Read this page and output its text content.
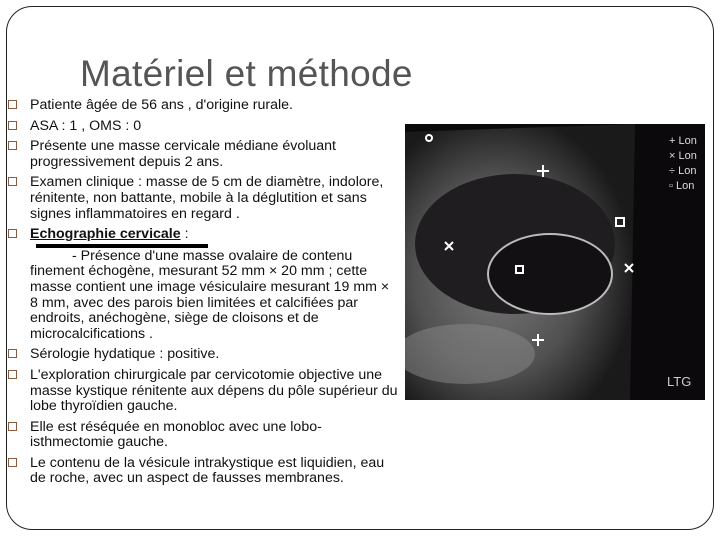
Matériel et méthode
Patiente âgée de 56 ans , d'origine rurale.
ASA : 1 , OMS : 0
Présente une masse cervicale médiane évoluant progressivement depuis 2 ans.
Examen clinique : masse de 5 cm de diamètre, indolore, rénitente, non battante, mobile à la déglutition et sans signes inflammatoires en regard .
Echographie cervicale :
- Présence d'une masse ovalaire de contenu finement échogène, mesurant 52 mm × 20 mm ; cette masse contient une image vésiculaire mesurant 19 mm × 8 mm, avec des parois bien limitées et calcifiées par endroits, anéchogène, siège de cloisons et de microcalcifications .
Sérologie hydatique : positive.
L'exploration chirurgicale par cervicotomie objective une masse kystique rénitente aux dépens du pôle supérieur du lobe thyroïdien gauche.
Elle est réséquée en monobloc avec une lobo-isthmectomie gauche.
Le contenu de la vésicule intrakystique est liquidien, eau de roche, avec un aspect de fausses membranes.
+ Lon
× Lon
÷ Lon
▫ Lon
LTG
